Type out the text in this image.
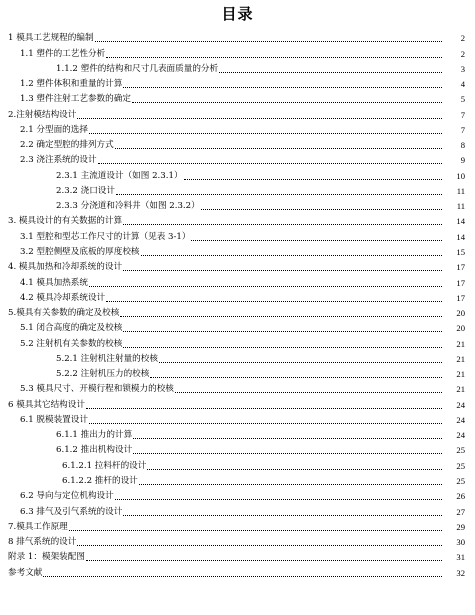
目录
1 模具工艺规程的编制	2
1.1 塑件的工艺性分析	2
1.1.2 塑件的结构和尺寸几表面质量的分析	3
1.2 塑件体积和重量的计算	4
1.3 塑件注射工艺参数的确定	5
2.注射模结构设计	7
2.1 分型面的选择	7
2.2 确定型腔的排列方式	8
2.3 浇注系统的设计	9
2.3.1 主流道设计（如图 2.3.1）	10
2.3.2 浇口设计	11
2.3.3 分浇道和冷料井（如图 2.3.2）	11
3. 模具设计的有关数据的计算	14
3.1 型腔和型芯工作尺寸的计算（见表 3-1）	14
3.2 型腔侧壁及底板的厚度校核	15
4. 模具加热和冷却系统的设计	17
4.1 模具加热系统	17
4.2 模具冷却系统设计	17
5.模具有关参数的确定及校核	20
5.1 闭合高度的确定及校核	20
5.2 注射机有关参数的校核	21
5.2.1 注射机注射量的校核	21
5.2.2 注射机压力的校核	21
5.3 模具尺寸、开模行程和锁模力的校核	21
6 模具其它结构设计	24
6.1 脱模装置设计	24
6.1.1 推出力的计算	24
6.1.2 推出机构设计	25
6.1.2.1 拉料杆的设计	25
6.1.2.2 推杆的设计	25
6.2 导向与定位机构设计	26
6.3 排气及引气系统的设计	27
7.模具工作原理	29
8 排气系统的设计	30
附录 1：模架装配图	31
参考文献	32
